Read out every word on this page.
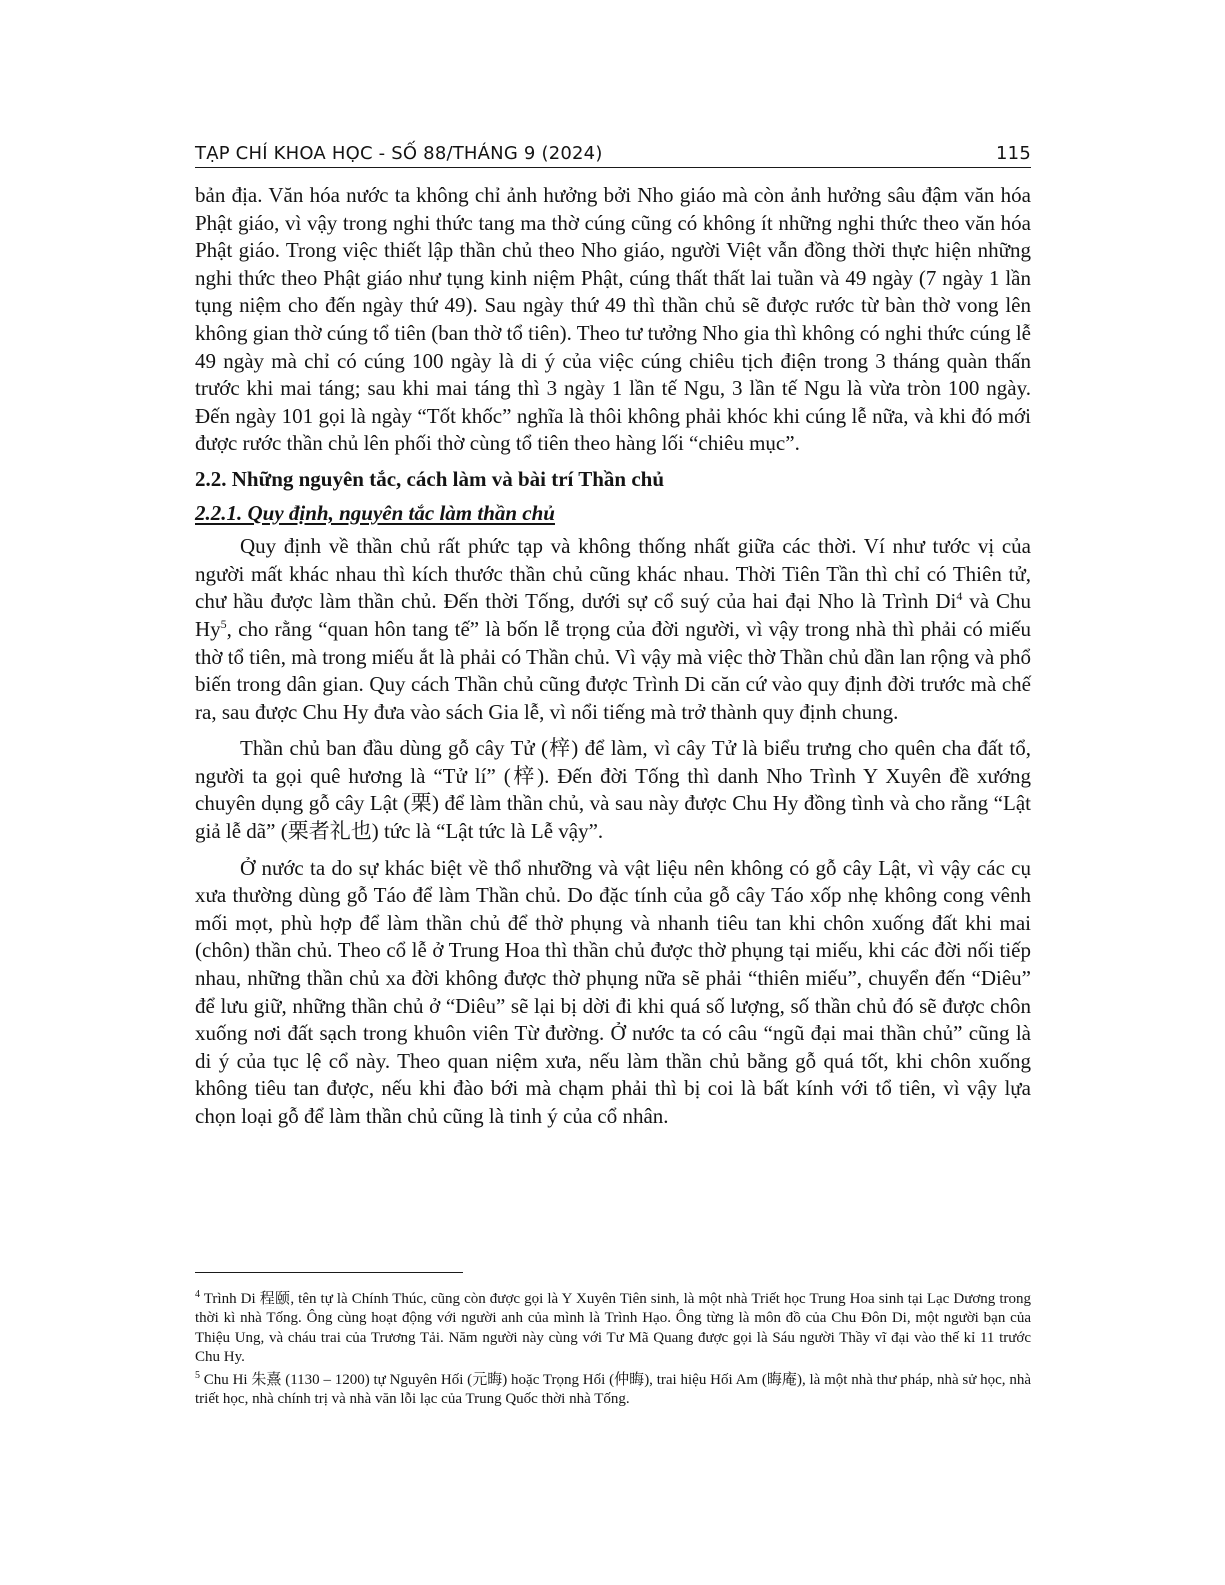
TẠP CHÍ KHOA HỌC - SỐ 88/THÁNG 9 (2024)	115

bản địa. Văn hóa nước ta không chỉ ảnh hưởng bởi Nho giáo mà còn ảnh hưởng sâu đậm văn hóa Phật giáo, vì vậy trong nghi thức tang ma thờ cúng cũng có không ít những nghi thức theo văn hóa Phật giáo. Trong việc thiết lập thần chủ theo Nho giáo, người Việt vẫn đồng thời thực hiện những nghi thức theo Phật giáo như tụng kinh niệm Phật, cúng thất thất lai tuần và 49 ngày (7 ngày 1 lần tụng niệm cho đến ngày thứ 49). Sau ngày thứ 49 thì thần chủ sẽ được rước từ bàn thờ vong lên không gian thờ cúng tổ tiên (ban thờ tổ tiên). Theo tư tưởng Nho gia thì không có nghi thức cúng lễ 49 ngày mà chỉ có cúng 100 ngày là di ý của việc cúng chiêu tịch điện trong 3 tháng quàn thấn trước khi mai táng; sau khi mai táng thì 3 ngày 1 lần tế Ngu, 3 lần tế Ngu là vừa tròn 100 ngày. Đến ngày 101 gọi là ngày “Tốt khốc” nghĩa là thôi không phải khóc khi cúng lễ nữa, và khi đó mới được rước thần chủ lên phối thờ cùng tổ tiên theo hàng lối “chiêu mục”.

2.2. Những nguyên tắc, cách làm và bài trí Thần chủ

2.2.1. Quy định, nguyên tắc làm thần chủ

Quy định về thần chủ rất phức tạp và không thống nhất giữa các thời. Ví như tước vị của người mất khác nhau thì kích thước thần chủ cũng khác nhau. Thời Tiên Tần thì chỉ có Thiên tử, chư hầu được làm thần chủ. Đến thời Tống, dưới sự cổ suý của hai đại Nho là Trình Di$^4$ và Chu Hy$^5$, cho rằng “quan hôn tang tế” là bốn lễ trọng của đời người, vì vậy trong nhà thì phải có miếu thờ tổ tiên, mà trong miếu ắt là phải có Thần chủ. Vì vậy mà việc thờ Thần chủ dần lan rộng và phổ biến trong dân gian. Quy cách Thần chủ cũng được Trình Di căn cứ vào quy định đời trước mà chế ra, sau được Chu Hy đưa vào sách Gia lễ, vì nổi tiếng mà trở thành quy định chung.

Thần chủ ban đầu dùng gỗ cây Tử (梓) để làm, vì cây Tử là biểu trưng cho quên cha đất tổ, người ta gọi quê hương là “Tử lí” (梓). Đến đời Tống thì danh Nho Trình Y Xuyên đề xướng chuyên dụng gỗ cây Lật (栗) để làm thần chủ, và sau này được Chu Hy đồng tình và cho rằng “Lật giả lễ dã” (栗者礼也) tức là “Lật tức là Lễ vậy”.

Ở nước ta do sự khác biệt về thổ nhưỡng và vật liệu nên không có gỗ cây Lật, vì vậy các cụ xưa thường dùng gỗ Táo để làm Thần chủ. Do đặc tính của gỗ cây Táo xốp nhẹ không cong vênh mối mọt, phù hợp để làm thần chủ để thờ phụng và nhanh tiêu tan khi chôn xuống đất khi mai (chôn) thần chủ. Theo cổ lễ ở Trung Hoa thì thần chủ được thờ phụng tại miếu, khi các đời nối tiếp nhau, những thần chủ xa đời không được thờ phụng nữa sẽ phải “thiên miếu”, chuyển đến “Diêu” để lưu giữ, những thần chủ ở “Diêu” sẽ lại bị dời đi khi quá số lượng, số thần chủ đó sẽ được chôn xuống nơi đất sạch trong khuôn viên Từ đường. Ở nước ta có câu “ngũ đại mai thần chủ” cũng là di ý của tục lệ cổ này. Theo quan niệm xưa, nếu làm thần chủ bằng gỗ quá tốt, khi chôn xuống không tiêu tan được, nếu khi đào bới mà chạm phải thì bị coi là bất kính với tổ tiên, vì vậy lựa chọn loại gỗ để làm thần chủ cũng là tinh ý của cổ nhân.

$^4$ Trình Di 程颐, tên tự là Chính Thúc, cũng còn được gọi là Y Xuyên Tiên sinh, là một nhà Triết học Trung Hoa sinh tại Lạc Dương trong thời kì nhà Tống. Ông cùng hoạt động với người anh của mình là Trình Hạo. Ông từng là môn đồ của Chu Đôn Di, một người bạn của Thiệu Ung, và cháu trai của Trương Tải. Năm người này cùng với Tư Mã Quang được gọi là Sáu người Thầy vĩ đại vào thế kỉ 11 trước Chu Hy.

$^5$ Chu Hi 朱熹 (1130 – 1200) tự Nguyên Hối (元晦) hoặc Trọng Hối (仲晦), trai hiệu Hối Am (晦庵), là một nhà thư pháp, nhà sử học, nhà triết học, nhà chính trị và nhà văn lỗi lạc của Trung Quốc thời nhà Tống.
